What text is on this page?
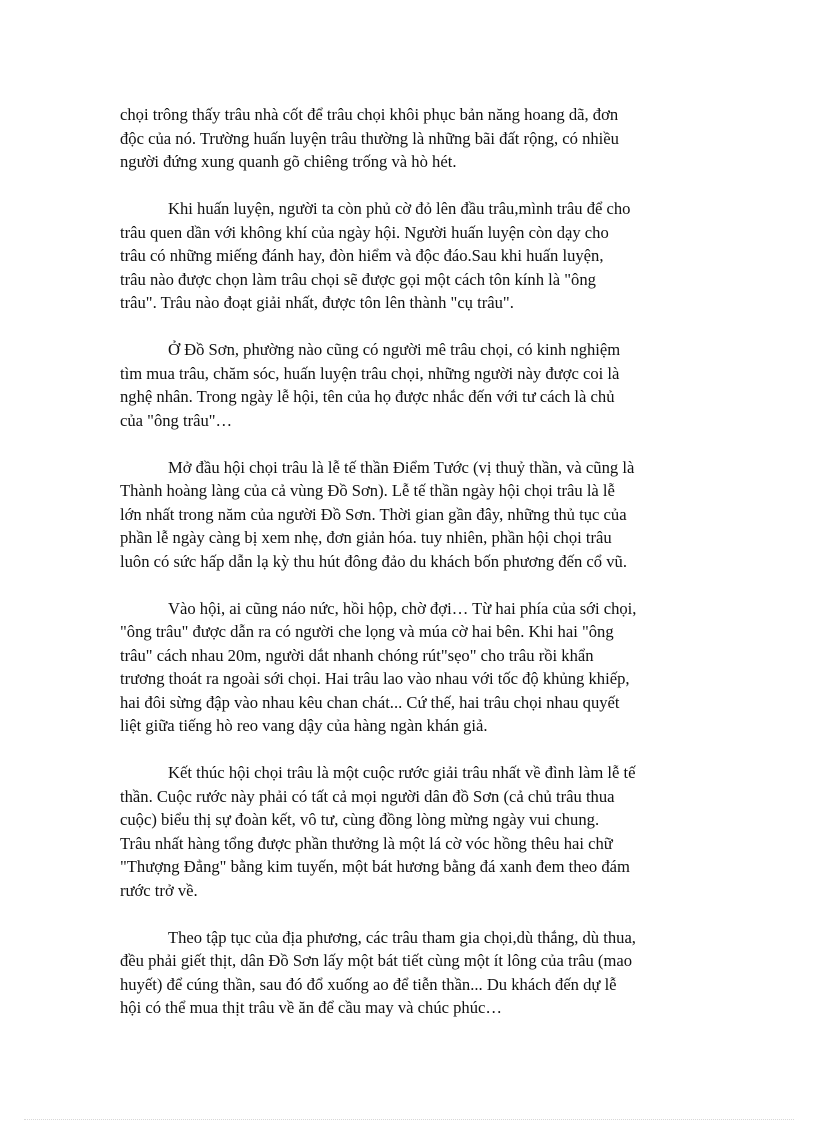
chọi trông thấy trâu nhà cốt để trâu chọi khôi phục bản năng hoang dã, đơn
độc của nó. Trường huấn luyện trâu thường là những bãi đất rộng, có nhiều
người đứng xung quanh gõ chiêng trống và hò hét.

Khi huấn luyện, người ta còn phủ cờ đỏ lên đầu trâu,mình trâu để cho
trâu quen dần với không khí của ngày hội. Người huấn luyện còn dạy cho
trâu có những miếng đánh hay, đòn hiểm và độc đáo.Sau khi huấn luyện,
trâu nào được chọn làm trâu chọi sẽ được gọi một cách tôn kính là "ông
trâu". Trâu nào đoạt giải nhất, được tôn lên thành "cụ trâu".

Ở Đồ Sơn, phường nào cũng có người mê trâu chọi, có kinh nghiệm
tìm mua trâu, chăm sóc, huấn luyện trâu chọi, những người này được coi là
nghệ nhân. Trong ngày lễ hội, tên của họ được nhắc đến với tư cách là chủ
của "ông trâu"…

Mở đầu hội chọi trâu là lễ tế thần Điểm Tước (vị thuỷ thần, và cũng là
Thành hoàng làng của cả vùng Đồ Sơn). Lễ tế thần ngày hội chọi trâu là lễ
lớn nhất trong năm của người Đồ Sơn. Thời gian gần đây, những thủ tục của
phần lễ ngày càng bị xem nhẹ, đơn giản hóa. tuy nhiên, phần hội chọi trâu
luôn có sức hấp dẫn lạ kỳ thu hút đông đảo du khách bốn phương đến cổ vũ.

Vào hội, ai cũng náo nức, hồi hộp, chờ đợi… Từ hai phía của sới chọi,
"ông trâu" được dẫn ra có người che lọng và múa cờ hai bên. Khi hai "ông
trâu" cách nhau 20m, người dắt nhanh chóng rút"sẹo" cho trâu rồi khẩn
trương thoát ra ngoài sới chọi. Hai trâu lao vào nhau với tốc độ khủng khiếp,
hai đôi sừng đập vào nhau kêu chan chát... Cứ thế, hai trâu chọi nhau quyết
liệt giữa tiếng hò reo vang dậy của hàng ngàn khán giả.

Kết thúc hội chọi trâu là một cuộc rước giải trâu nhất về đình làm lễ tế
thần. Cuộc rước này phải có tất cả mọi người dân đồ Sơn (cả chủ trâu thua
cuộc) biểu thị sự đoàn kết, vô tư, cùng đồng lòng mừng ngày vui chung.
Trâu nhất hàng tổng được phần thưởng là một lá cờ vóc hồng thêu hai chữ
"Thượng Đẳng" bằng kim tuyến, một bát hương bằng đá xanh đem theo đám
rước trở về.

Theo tập tục của địa phương, các trâu tham gia chọi,dù thắng, dù thua,
đều phải giết thịt, dân Đồ Sơn lấy một bát tiết cùng một ít lông của trâu (mao
huyết) để cúng thần, sau đó đổ xuống ao để tiễn thần... Du khách đến dự lễ
hội có thể mua thịt trâu về ăn để cầu may và chúc phúc…
